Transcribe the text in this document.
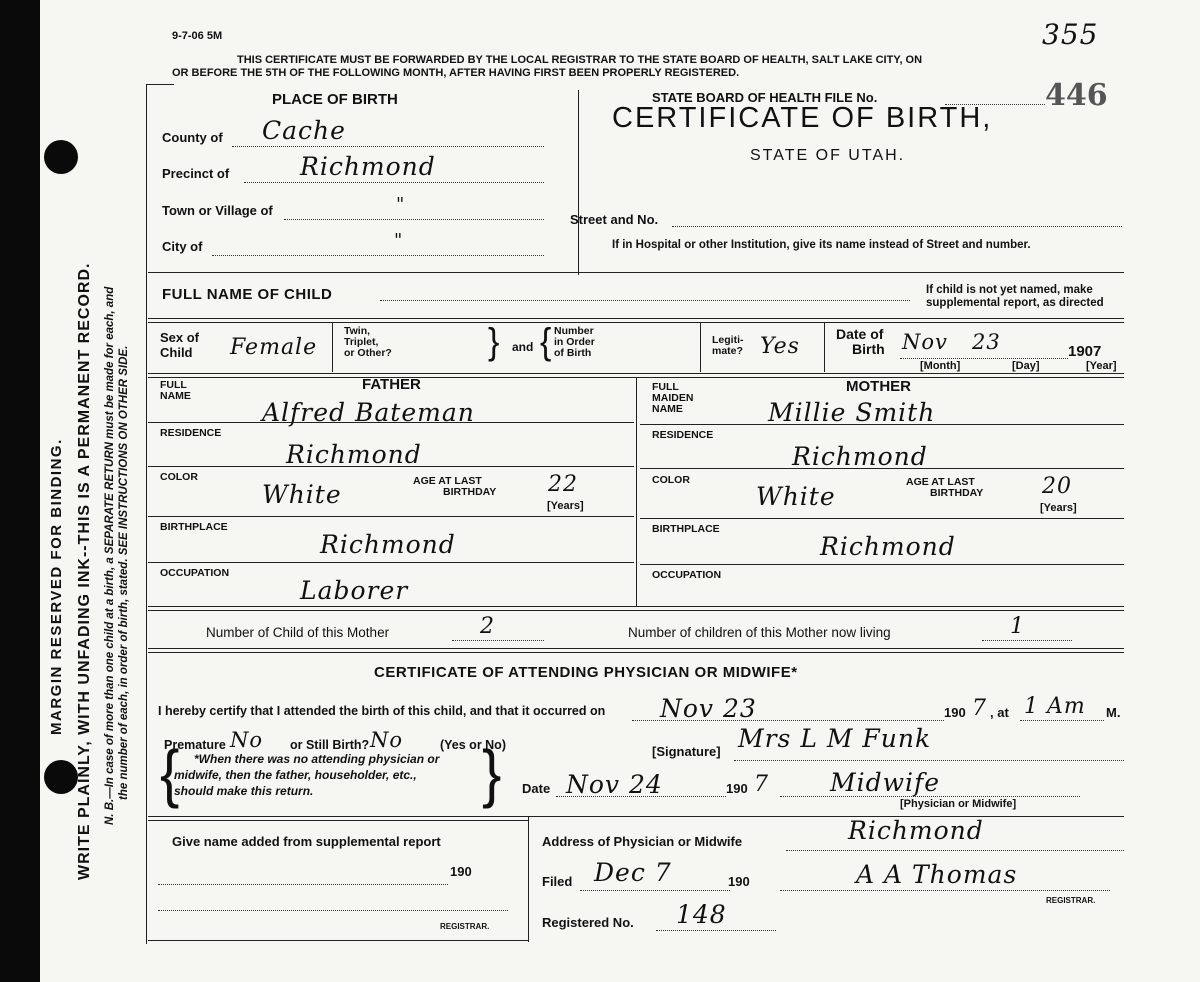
MARGIN RESERVED FOR BINDING. WRITE PLAINLY, WITH UNFADING INK--THIS IS A PERMANENT RECORD. N. B.—In case of more than one child at a birth, a SEPARATE RETURN must be made for each, and the number of each, in order of birth, stated. SEE INSTRUCTIONS ON OTHER SIDE.
9-7-06 5M	355
THIS CERTIFICATE MUST BE FORWARDED BY THE LOCAL REGISTRAR TO THE STATE BOARD OF HEALTH, SALT LAKE CITY, ON
OR BEFORE THE 5TH OF THE FOLLOWING MONTH, AFTER HAVING FIRST BEEN PROPERLY REGISTERED.
PLACE OF BIRTH	STATE BOARD OF HEALTH FILE No.	446
CERTIFICATE OF BIRTH,
STATE OF UTAH.
County of Cache
Precinct of	Richmond
Town or Village of	"
City of	"
Street and No.
If in Hospital or other Institution, give its name instead of Street and number.
FULL NAME OF CHILD	If child is not yet named, make
supplemental report, as directed
Sex of
Child Female
Twin,
Triplet,
or Other?	} and { Number
in Order
of Birth
Legiti-
mate? Yes	Date of
Birth Nov 23	1907
[Month]	[Day]	[Year]
FULL
NAME
FATHER
Alfred Bateman
RESIDENCE
Richmond
COLOR
White	AGE AT LAST
BIRTHDAY 22
[Years]
BIRTHPLACE
Richmond
OCCUPATION
Laborer
FULL
MAIDEN
NAME
MOTHER
Millie Smith
RESIDENCE
Richmond
COLOR
White	AGE AT LAST
BIRTHDAY	20
[Years]
BIRTHPLACE
Richmond
OCCUPATION
Number of Child of this Mother	2	Number of children of this Mother now living	1
CERTIFICATE OF ATTENDING PHYSICIAN OR MIDWIFE*
I hereby certify that I attended the birth of this child, and that it occurred on Nov 23	190 7 , at 1 Am M.
Premature No or Still Birth? No	(Yes or No)
{	*When there was no attending physician or
midwife, then the father, householder, etc.,
should make this return.	}	[Signature] Mrs L M Funk
Date Nov 24	190 7 Midwife
[Physician or Midwife]
Give name added from supplemental report
190
REGISTRAR.
Address of Physician or Midwife	Richmond
Filed Dec 7	190	A A Thomas
REGISTRAR.
Registered No. 148
